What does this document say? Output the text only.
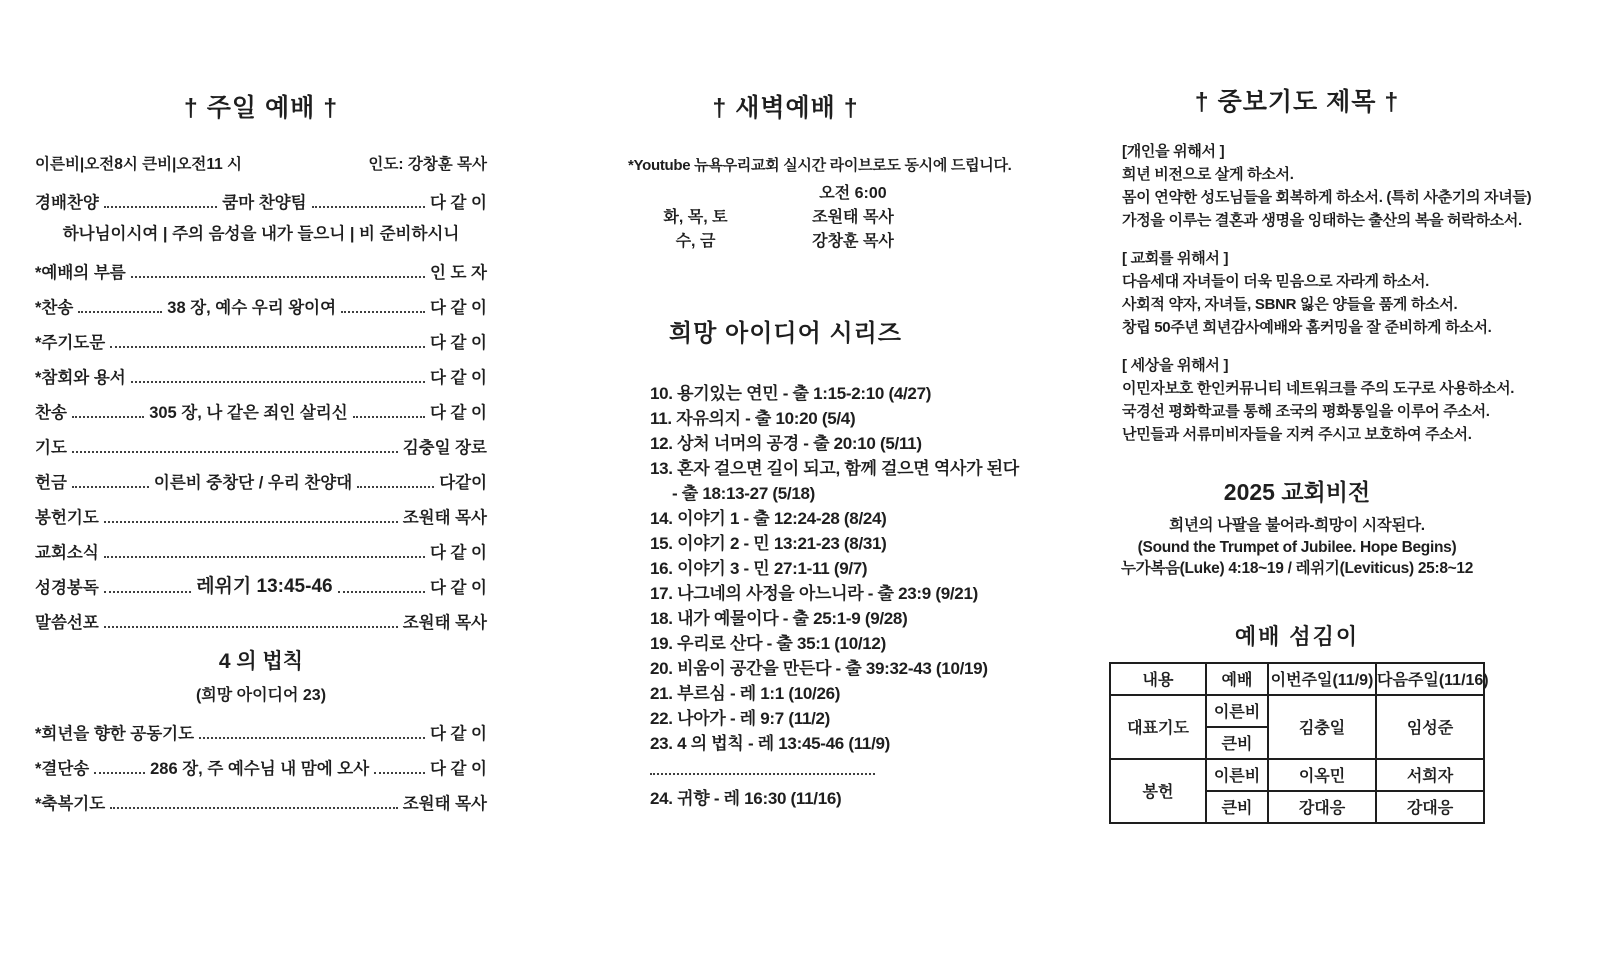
† 주일 예배 †
이른비|오전8시 큰비|오전11 시	인도: 강창훈 목사
경배찬양	쿰마 찬양팀	다 같 이
하나님이시여 | 주의 음성을 내가 들으니 | 비 준비하시니
*예배의 부름	인 도 자
*찬송	38 장, 예수 우리 왕이여	다 같 이
*주기도문	다 같 이
*참회와 용서	다 같 이
찬송	305 장, 나 같은 죄인 살리신	다 같 이
기도	김충일 장로
헌금	이른비 중창단 / 우리 찬양대	다같이
봉헌기도	조원태 목사
교회소식	다 같 이
성경봉독	레위기 13:45-46	다 같 이
말씀선포	조원태 목사
4 의 법칙
(희망 아이디어 23)
*희년을 향한 공동기도	다 같 이
*결단송	286 장, 주 예수님 내 맘에 오사	다 같 이
*축복기도	조원태 목사
† 새벽예배 †
*Youtube 뉴욕우리교회 실시간 라이브로도 동시에 드립니다.
오전 6:00
화, 목, 토	조원태 목사
수, 금	강창훈 목사
희망 아이디어 시리즈
10. 용기있는 연민 - 출 1:15-2:10 (4/27)
11. 자유의지 - 출 10:20 (5/4)
12. 상처 너머의 공경 - 출 20:10 (5/11)
13. 혼자 걸으면 길이 되고, 함께 걸으면 역사가 된다
- 출 18:13-27 (5/18)
14. 이야기 1 - 출 12:24-28 (8/24)
15. 이야기 2 - 민 13:21-23 (8/31)
16. 이야기 3 - 민 27:1-11 (9/7)
17. 나그네의 사정을 아느니라 - 출 23:9 (9/21)
18. 내가 예물이다 - 출 25:1-9 (9/28)
19. 우리로 산다 - 출 35:1 (10/12)
20. 비움이 공간을 만든다 - 출 39:32-43 (10/19)
21. 부르심 - 레 1:1 (10/26)
22. 나아가 - 레 9:7 (11/2)
23. 4 의 법칙 - 레 13:45-46 (11/9)
24. 귀향 - 레 16:30 (11/16)
† 중보기도 제목 †
[개인을 위해서 ]
희년 비전으로 살게 하소서.
몸이 연약한 성도님들을 회복하게 하소서. (특히 사춘기의 자녀들)
가정을 이루는 결혼과 생명을 잉태하는 출산의 복을 허락하소서.
[ 교회를 위해서 ]
다음세대 자녀들이 더욱 믿음으로 자라게 하소서.
사회적 약자, 자녀들, SBNR 잃은 양들을 품게 하소서.
창립 50주년 희년감사예배와 홈커밍을 잘 준비하게 하소서.
[ 세상을 위해서 ]
이민자보호 한인커뮤니티 네트워크를 주의 도구로 사용하소서.
국경선 평화학교를 통해 조국의 평화통일을 이루어 주소서.
난민들과 서류미비자들을 지켜 주시고 보호하여 주소서.
2025 교회비전
희년의 나팔을 불어라-희망이 시작된다.
(Sound the Trumpet of Jubilee. Hope Begins)
누가복음(Luke) 4:18~19 / 레위기(Leviticus) 25:8~12
예배 섬김이
내용	예배	이번주일(11/9)	다음주일(11/16)
대표기도	이른비	김충일	임성준
	큰비		
봉헌	이른비	이옥민	서희자
	큰비	강대응	강대응
